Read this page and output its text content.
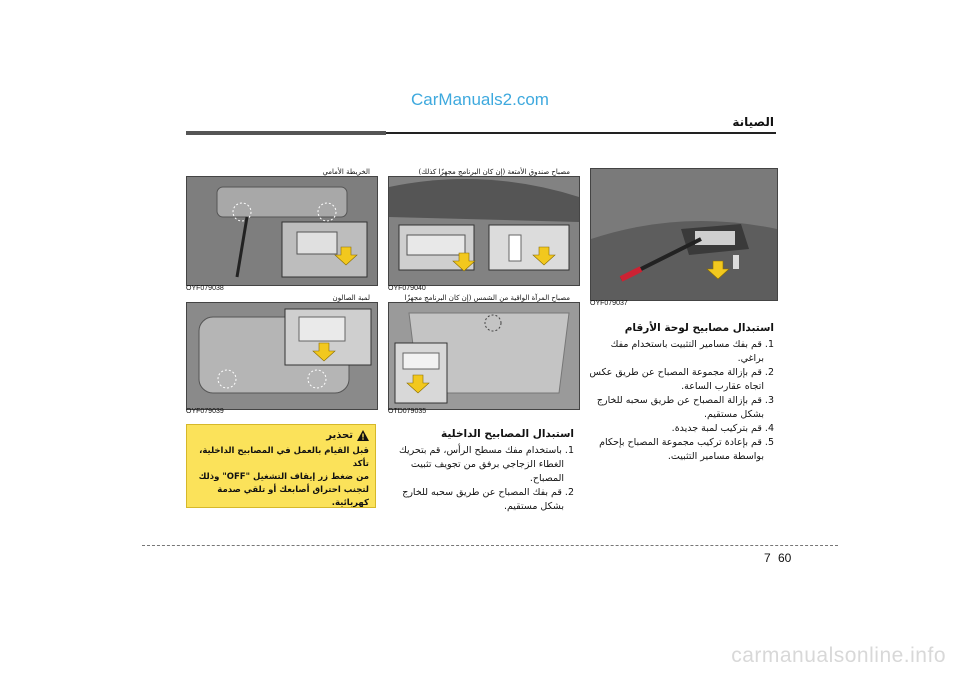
CarManuals2.com
الصيانة
OYF079037
مصباح صندوق الأمتعة (إن كان البرنامج مجهزًا كذلك)
OYF079040
مصباح المرآة الواقية من الشمس (إن كان البرنامج مجهزًا
OTD079035
الخريطة الأمامي
OYF079038
لمبة الصالون
OYF079039
استبدال مصابيح لوحة الأرقام
1. قم بفك مسامير التثبيت باستخدام مفك
براغي.
2. قم بإزالة مجموعة المصباح عن طريق عكس
اتجاه عقارب الساعة.
3. قم بإزالة المصباح عن طريق سحبه للخارج
بشكل مستقيم.
4. قم بتركيب لمبة جديدة.
5. قم بإعادة تركيب مجموعة المصباح بإحكام
بواسطة مسامير التثبيت.
استبدال المصابيح الداخلية
1. باستخدام مفك مسطح الرأس، قم بتحريك
الغطاء الزجاجي برفق من تجويف تثبيت
المصباح.
2. قم بفك المصباح عن طريق سحبه للخارج
بشكل مستقيم.
تحذير
قبل القيام بالعمل في المصابيح الداخلية، تأكد
من ضغط زر إيقاف التشغيل "OFF" وذلك
لتجنب احتراق أصابعك أو تلقي صدمة
كهربائية.
60
7
carmanualsonline.info
